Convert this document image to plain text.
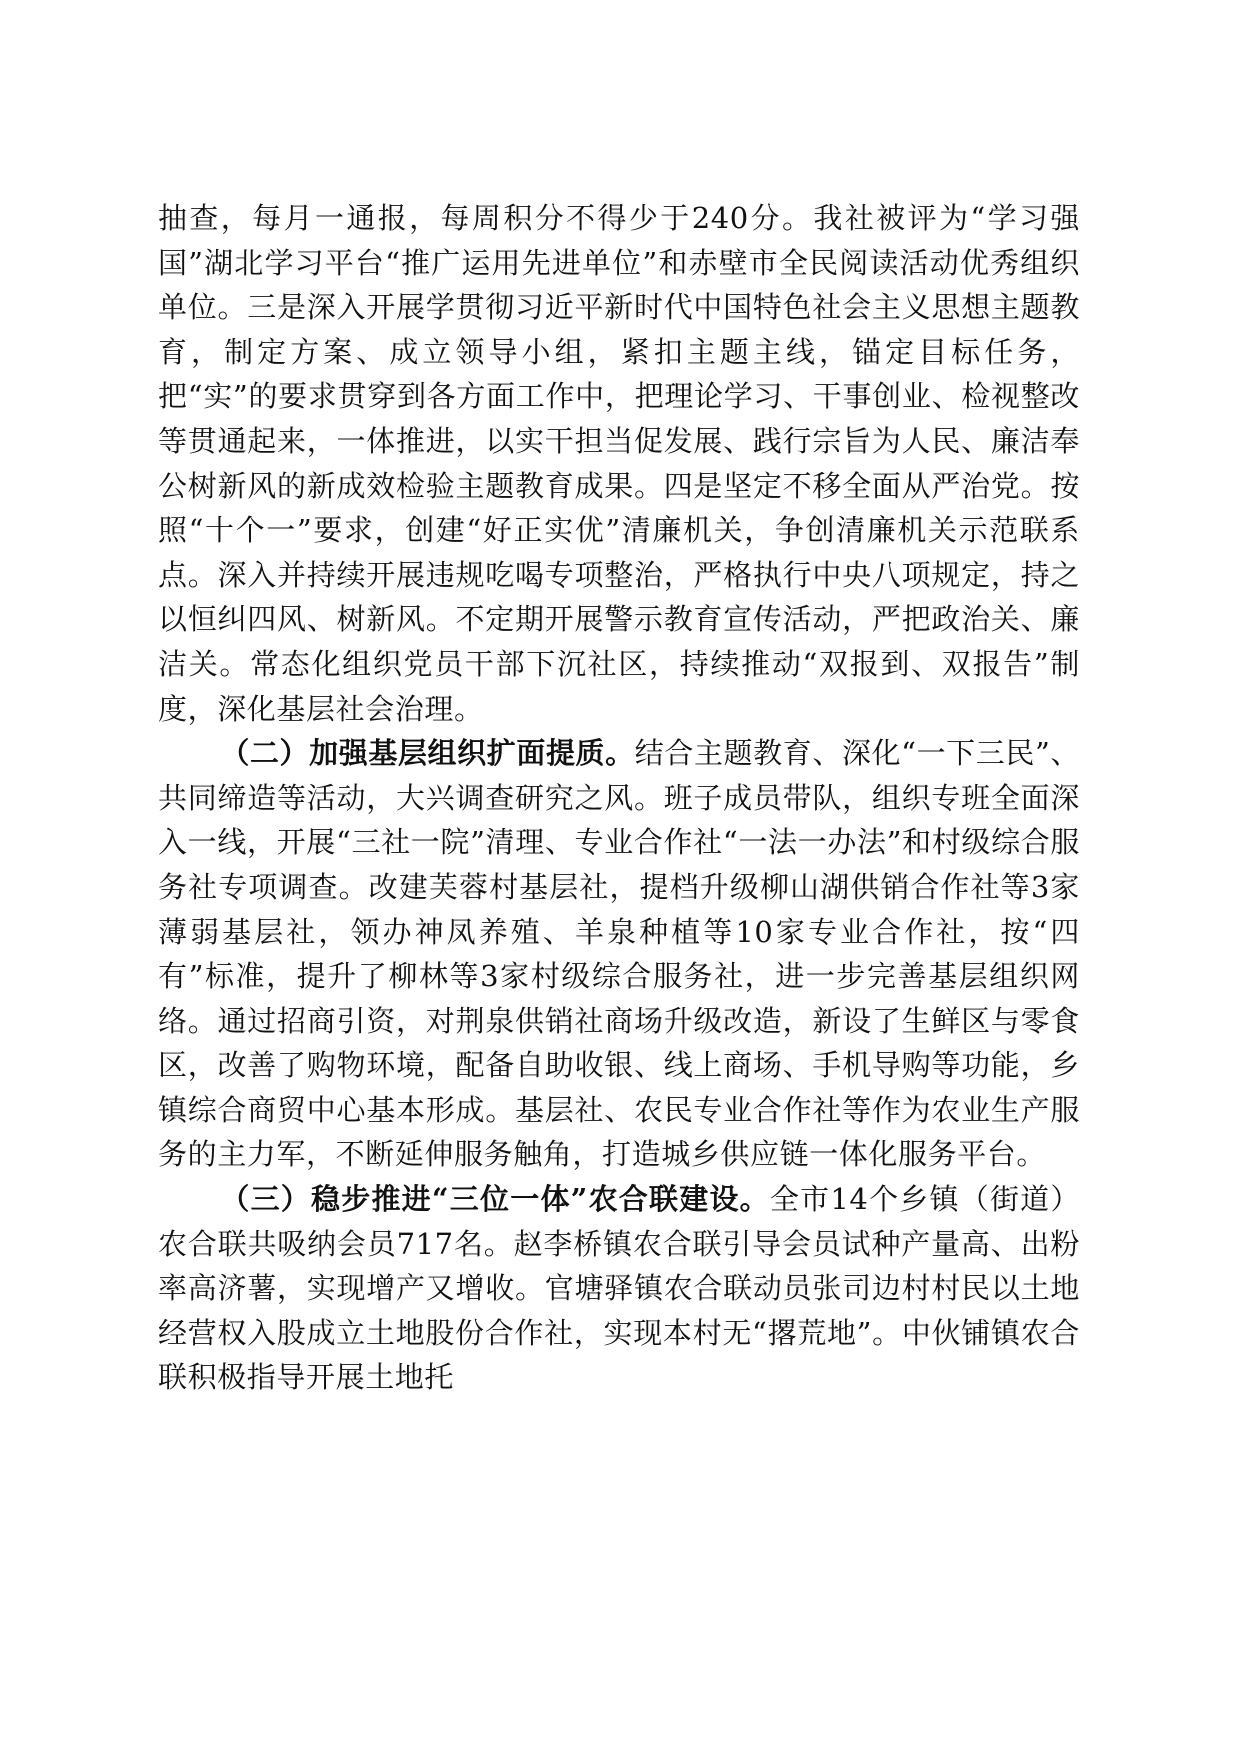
抽查，每月一通报，每周积分不得少于240分。我社被评为“学习强国”湖北学习平台“推广运用先进单位”和赤壁市全民阅读活动优秀组织单位。三是深入开展学贯彻习近平新时代中国特色社会主义思想主题教育，制定方案、成立领导小组，紧扣主题主线，锚定目标任务，把“实”的要求贯穿到各方面工作中，把理论学习、干事创业、检视整改等贯通起来，一体推进，以实干担当促发展、践行宗旨为人民、廉洁奉公树新风的新成效检验主题教育成果。四是坚定不移全面从严治党。按照“十个一”要求，创建“好正实优”清廉机关，争创清廉机关示范联系点。深入并持续开展违规吃喝专项整治，严格执行中央八项规定，持之以恒纠四风、树新风。不定期开展警示教育宣传活动，严把政治关、廉洁关。常态化组织党员干部下沉社区，持续推动“双报到、双报告”制度，深化基层社会治理。

（二）加强基层组织扩面提质。结合主题教育、深化“一下三民”、共同缔造等活动，大兴调查研究之风。班子成员带队，组织专班全面深入一线，开展“三社一院”清理、专业合作社“一法一办法”和村级综合服务社专项调查。改建芙蓉村基层社，提档升级柳山湖供销合作社等3家薄弱基层社，领办神凤养殖、羊泉种植等10家专业合作社，按“四有”标准，提升了柳林等3家村级综合服务社，进一步完善基层组织网络。通过招商引资，对荆泉供销社商场升级改造，新设了生鲜区与零食区，改善了购物环境，配备自助收银、线上商场、手机导购等功能，乡镇综合商贸中心基本形成。基层社、农民专业合作社等作为农业生产服务的主力军，不断延伸服务触角，打造城乡供应链一体化服务平台。

（三）稳步推进“三位一体”农合联建设。全市14个乡镇（街道）农合联共吸纳会员717名。赵李桥镇农合联引导会员试种产量高、出粉率高济薯，实现增产又增收。官塘驿镇农合联动员张司边村村民以土地经营权入股成立土地股份合作社，实现本村无“撂荒地”。中伙铺镇农合联积极指导开展土地托
